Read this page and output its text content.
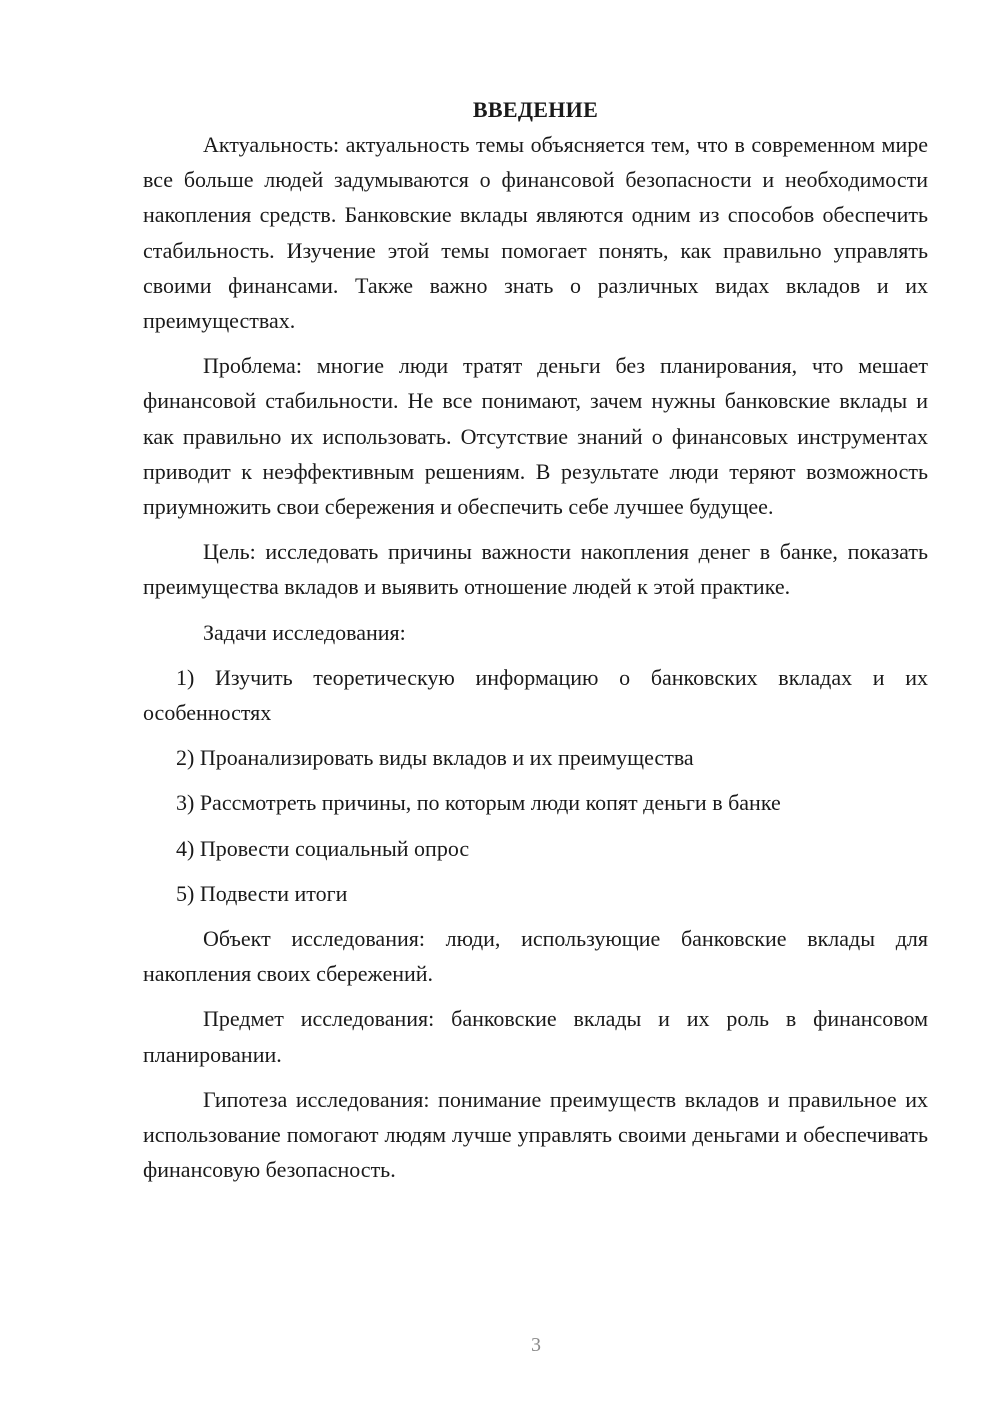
ВВЕДЕНИЕ

Актуальность: актуальность темы объясняется тем, что в современном мире все больше людей задумываются о финансовой безопасности и необходимости накопления средств. Банковские вклады являются одним из способов обеспечить стабильность. Изучение этой темы помогает понять, как правильно управлять своими финансами. Также важно знать о различных видах вкладов и их преимуществах.

Проблема: многие люди тратят деньги без планирования, что мешает финансовой стабильности. Не все понимают, зачем нужны банковские вклады и как правильно их использовать. Отсутствие знаний о финансовых инструментах приводит к неэффективным решениям. В результате люди теряют возможность приумножить свои сбережения и обеспечить себе лучшее будущее.

Цель: исследовать причины важности накопления денег в банке, показать преимущества вкладов и выявить отношение людей к этой практике.

Задачи исследования:

1) Изучить теоретическую информацию о банковских вкладах и их особенностях

2) Проанализировать виды вкладов и их преимущества

3) Рассмотреть причины, по которым люди копят деньги в банке

4) Провести социальный опрос

5) Подвести итоги

Объект исследования: люди, использующие банковские вклады для накопления своих сбережений.

Предмет исследования: банковские вклады и их роль в финансовом планировании.

Гипотеза исследования: понимание преимуществ вкладов и правильное их использование помогают людям лучше управлять своими деньгами и обеспечивать финансовую безопасность.

3
